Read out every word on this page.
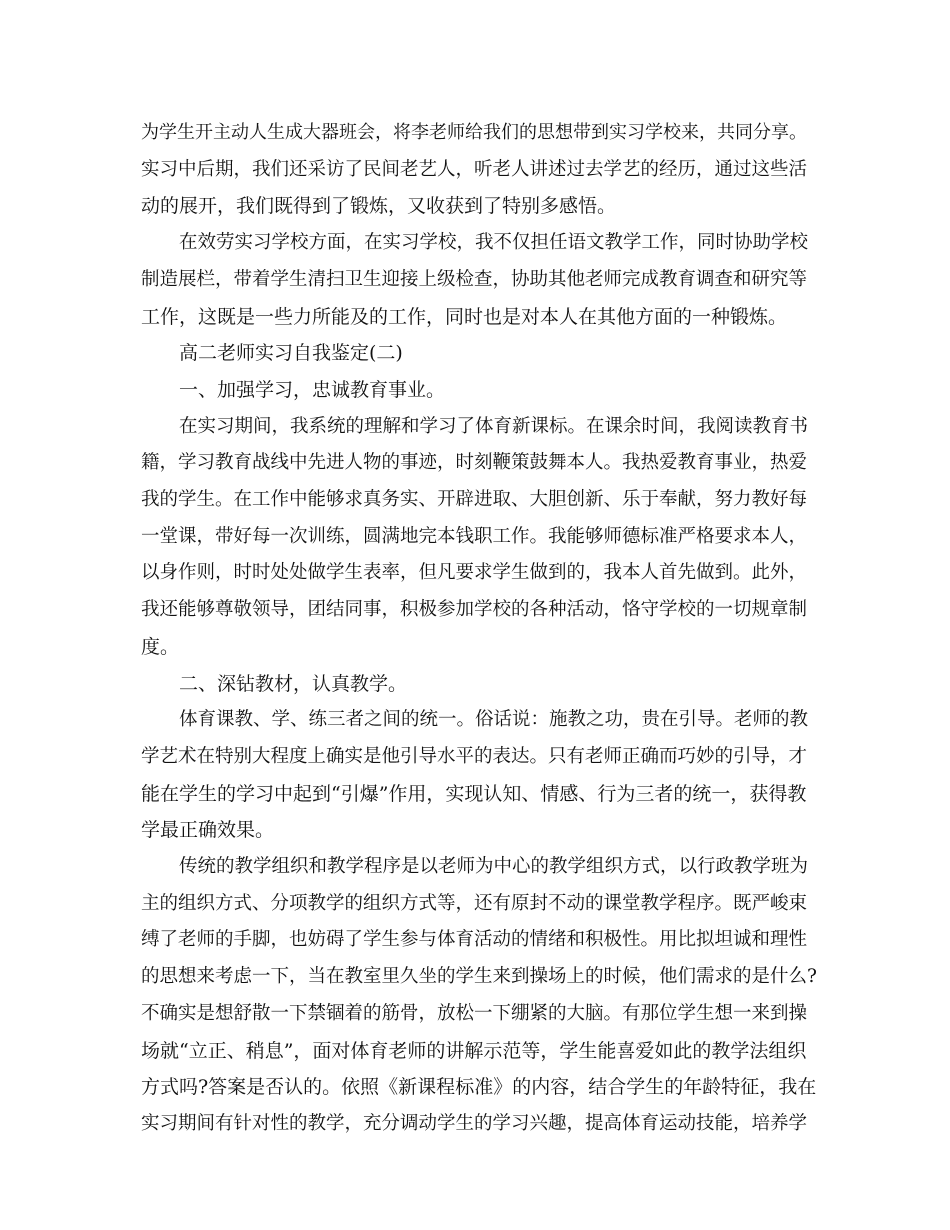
为学生开主动人生成大器班会，将李老师给我们的思想带到实习学校来，共同分享。

实习中后期，我们还采访了民间老艺人，听老人讲述过去学艺的经历，通过这些活

动的展开，我们既得到了锻炼，又收获到了特别多感悟。

在效劳实习学校方面，在实习学校，我不仅担任语文教学工作，同时协助学校

制造展栏，带着学生清扫卫生迎接上级检查，协助其他老师完成教育调查和研究等

工作，这既是一些力所能及的工作，同时也是对本人在其他方面的一种锻炼。

高二老师实习自我鉴定(二)

一、加强学习，忠诚教育事业。

在实习期间，我系统的理解和学习了体育新课标。在课余时间，我阅读教育书

籍，学习教育战线中先进人物的事迹，时刻鞭策鼓舞本人。我热爱教育事业，热爱

我的学生。在工作中能够求真务实、开辟进取、大胆创新、乐于奉献，努力教好每

一堂课，带好每一次训练，圆满地完本钱职工作。我能够师德标准严格要求本人，

以身作则，时时处处做学生表率，但凡要求学生做到的，我本人首先做到。此外，

我还能够尊敬领导，团结同事，积极参加学校的各种活动，恪守学校的一切规章制

度。

二、深钻教材，认真教学。

体育课教、学、练三者之间的统一。俗话说：施教之功，贵在引导。老师的教

学艺术在特别大程度上确实是他引导水平的表达。只有老师正确而巧妙的引导，才

能在学生的学习中起到“引爆”作用，实现认知、情感、行为三者的统一，获得教

学最正确效果。

传统的教学组织和教学程序是以老师为中心的教学组织方式，以行政教学班为

主的组织方式、分项教学的组织方式等，还有原封不动的课堂教学程序。既严峻束

缚了老师的手脚，也妨碍了学生参与体育活动的情绪和积极性。用比拟坦诚和理性

的思想来考虑一下，当在教室里久坐的学生来到操场上的时候，他们需求的是什么?

不确实是想舒散一下禁锢着的筋骨，放松一下绷紧的大脑。有那位学生想一来到操

场就“立正、稍息”，面对体育老师的讲解示范等，学生能喜爱如此的教学法组织

方式吗?答案是否认的。依照《新课程标准》的内容，结合学生的年龄特征，我在

实习期间有针对性的教学，充分调动学生的学习兴趣，提高体育运动技能，培养学
